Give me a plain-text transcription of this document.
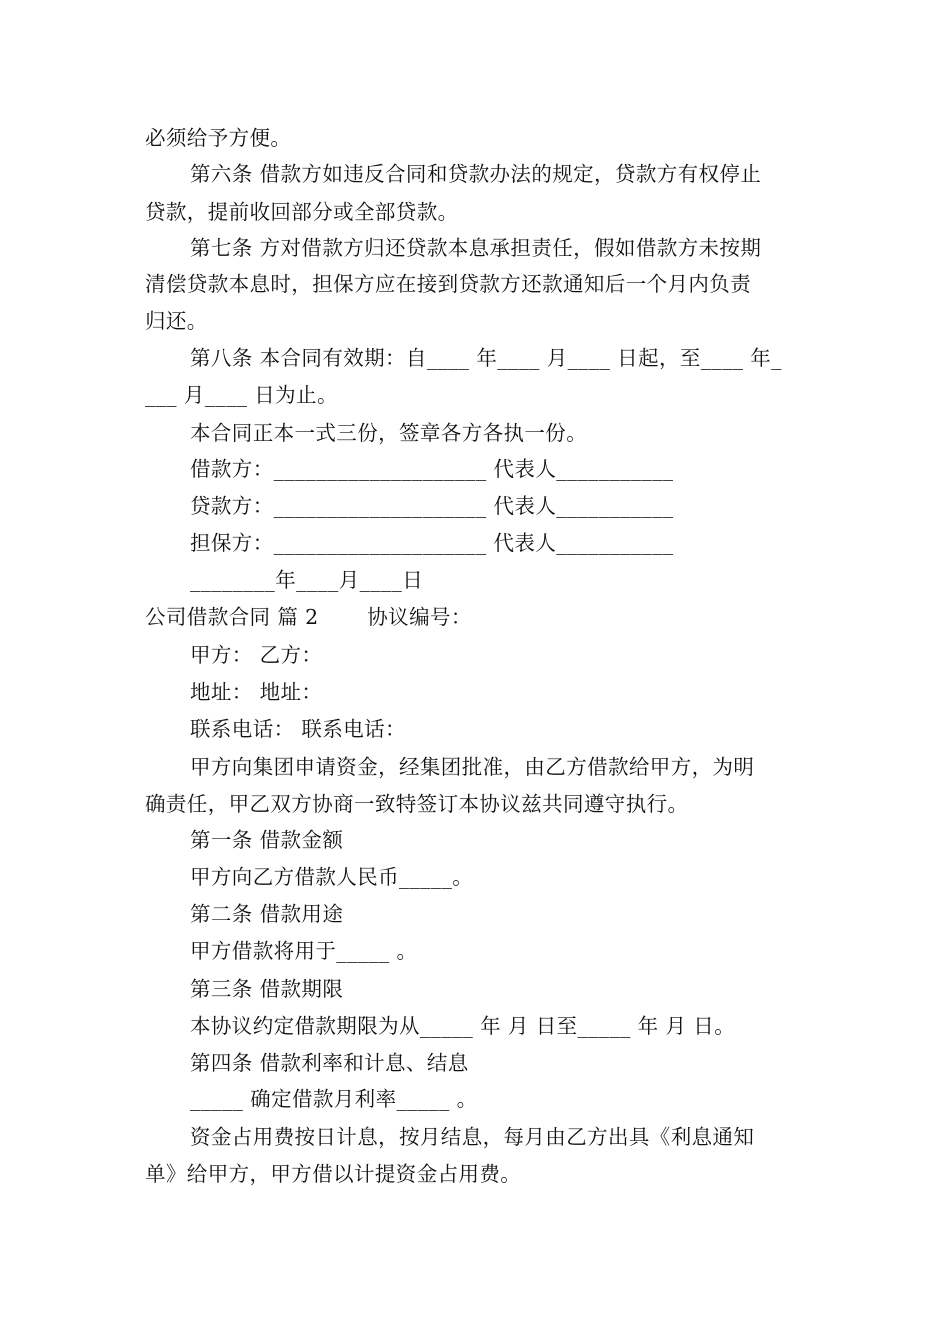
必须给予方便。
第六条 借款方如违反合同和贷款办法的规定，贷款方有权停止
贷款，提前收回部分或全部贷款。
第七条 方对借款方归还贷款本息承担责任，假如借款方未按期
清偿贷款本息时，担保方应在接到贷款方还款通知后一个月内负责
归还。
第八条 本合同有效期：自____ 年____ 月____ 日起，至____ 年_
___ 月____ 日为止。
本合同正本一式三份，签章各方各执一份。
借款方：____________________ 代表人___________
贷款方：____________________ 代表人___________
担保方：____________________ 代表人___________
________年____月____日
公司借款合同 篇 2　　 协议编号：
甲方： 乙方：
地址： 地址：
联系电话： 联系电话：
甲方向集团申请资金，经集团批准，由乙方借款给甲方，为明
确责任，甲乙双方协商一致特签订本协议兹共同遵守执行。
第一条 借款金额
甲方向乙方借款人民币_____。
第二条 借款用途
甲方借款将用于_____ 。
第三条 借款期限
本协议约定借款期限为从_____ 年 月 日至_____ 年 月 日。
第四条 借款利率和计息、结息
_____ 确定借款月利率_____ 。
资金占用费按日计息，按月结息，每月由乙方出具《利息通知
单》给甲方，甲方借以计提资金占用费。
